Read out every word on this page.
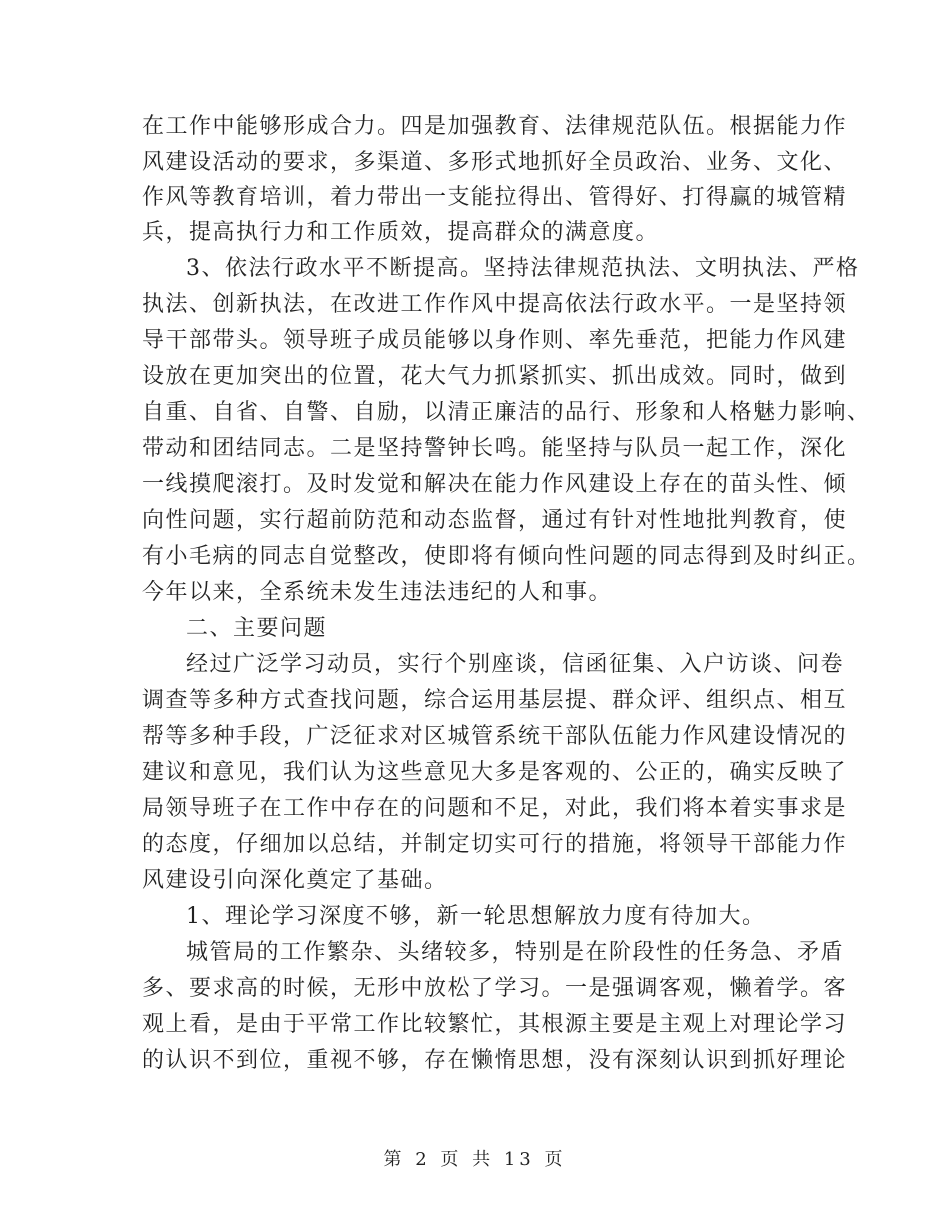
在工作中能够形成合力。四是加强教育、法律规范队伍。根据能力作
风建设活动的要求，多渠道、多形式地抓好全员政治、业务、文化、
作风等教育培训，着力带出一支能拉得出、管得好、打得赢的城管精
兵，提高执行力和工作质效，提高群众的满意度。
3、依法行政水平不断提高。坚持法律规范执法、文明执法、严格
执法、创新执法，在改进工作作风中提高依法行政水平。一是坚持领
导干部带头。领导班子成员能够以身作则、率先垂范，把能力作风建
设放在更加突出的位置，花大气力抓紧抓实、抓出成效。同时，做到
自重、自省、自警、自励，以清正廉洁的品行、形象和人格魅力影响、
带动和团结同志。二是坚持警钟长鸣。能坚持与队员一起工作，深化
一线摸爬滚打。及时发觉和解决在能力作风建设上存在的苗头性、倾
向性问题，实行超前防范和动态监督，通过有针对性地批判教育，使
有小毛病的同志自觉整改，使即将有倾向性问题的同志得到及时纠正。
今年以来，全系统未发生违法违纪的人和事。
二、主要问题
经过广泛学习动员，实行个别座谈，信函征集、入户访谈、问卷
调查等多种方式查找问题，综合运用基层提、群众评、组织点、相互
帮等多种手段，广泛征求对区城管系统干部队伍能力作风建设情况的
建议和意见，我们认为这些意见大多是客观的、公正的，确实反映了
局领导班子在工作中存在的问题和不足，对此，我们将本着实事求是
的态度，仔细加以总结，并制定切实可行的措施，将领导干部能力作
风建设引向深化奠定了基础。
1、理论学习深度不够，新一轮思想解放力度有待加大。
城管局的工作繁杂、头绪较多，特别是在阶段性的任务急、矛盾
多、要求高的时候，无形中放松了学习。一是强调客观，懒着学。客
观上看，是由于平常工作比较繁忙，其根源主要是主观上对理论学习
的认识不到位，重视不够，存在懒惰思想，没有深刻认识到抓好理论
第 2 页 共 13 页
